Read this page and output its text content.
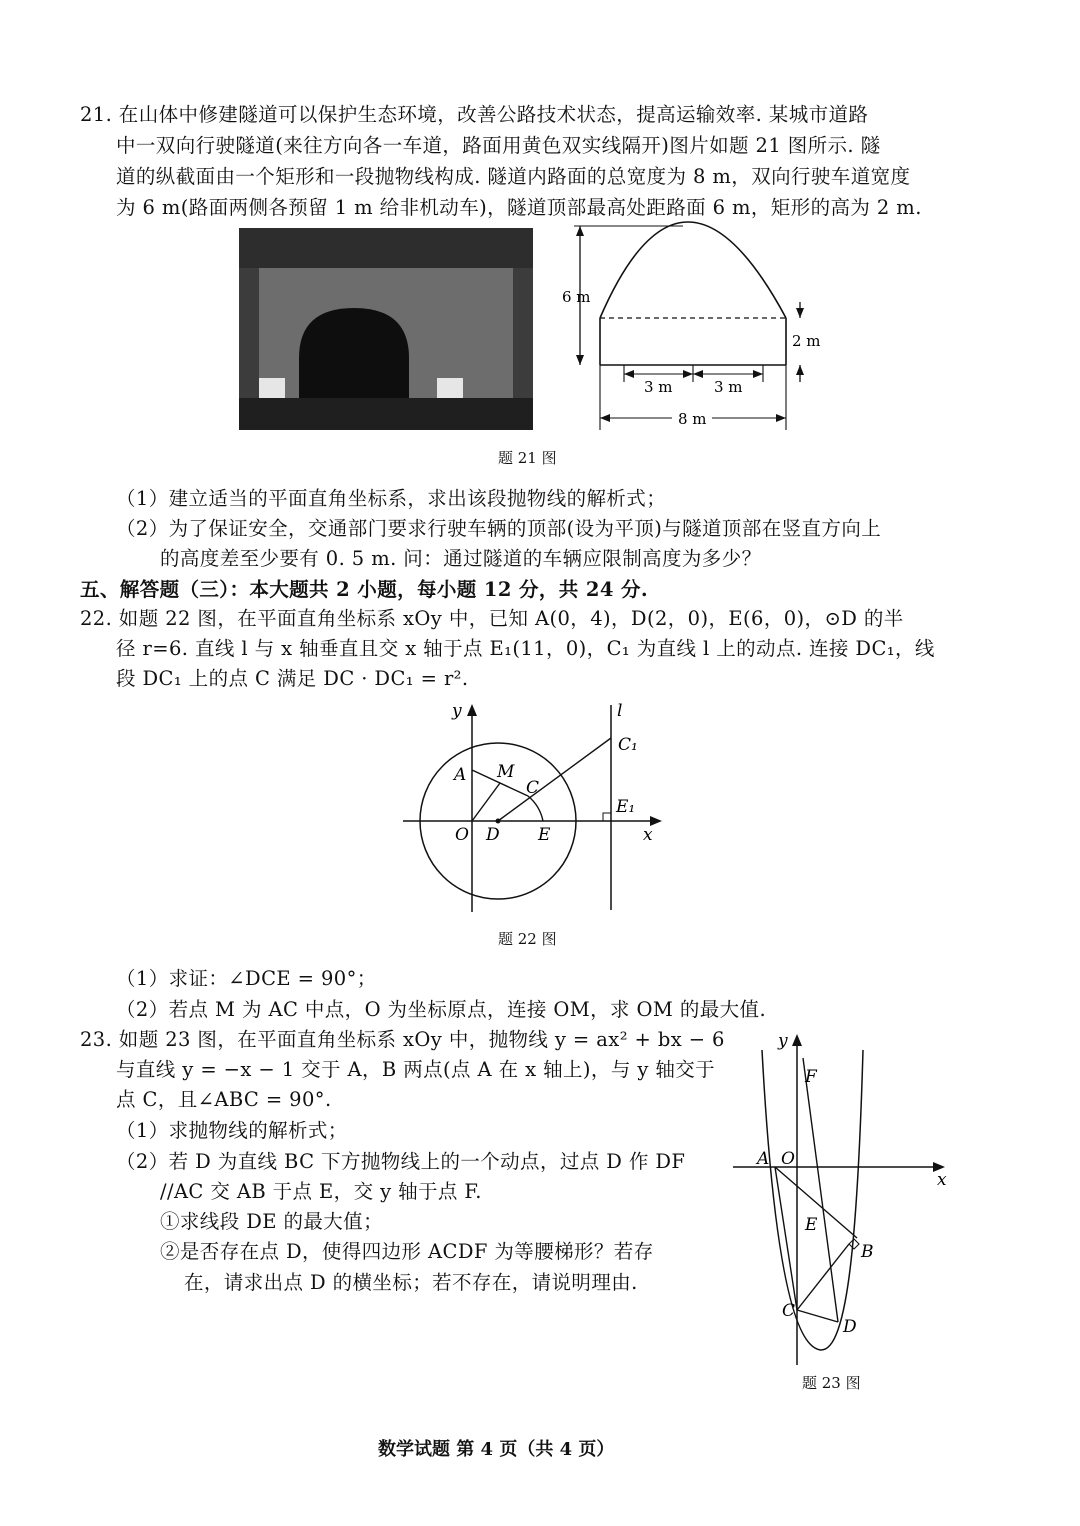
21. 在山体中修建隧道可以保护生态环境，改善公路技术状态，提高运输效率. 某城市道路
中一双向行驶隧道(来往方向各一车道，路面用黄色双实线隔开)图片如题 21 图所示. 隧
道的纵截面由一个矩形和一段抛物线构成. 隧道内路面的总宽度为 8 m，双向行驶车道宽度
为 6 m(路面两侧各预留 1 m 给非机动车)，隧道顶部最高处距路面 6 m，矩形的高为 2 m.
6 m
2 m
3 m	3 m
8 m
题 21 图
（1）建立适当的平面直角坐标系，求出该段抛物线的解析式；
（2）为了保证安全，交通部门要求行驶车辆的顶部(设为平顶)与隧道顶部在竖直方向上
的高度差至少要有 0. 5 m. 问：通过隧道的车辆应限制高度为多少？
五、解答题（三）：本大题共 2 小题，每小题 12 分，共 24 分.
22. 如题 22 图，在平面直角坐标系 xOy 中，已知 A(0，4)，D(2，0)，E(6，0)，⊙D 的半
径 r=6. 直线 l 与 x 轴垂直且交 x 轴于点 E₁(11，0)，C₁ 为直线 l 上的动点. 连接 DC₁，线
段 DC₁ 上的点 C 满足 DC · DC₁ = r².
y	l
C₁
A M
C
E₁
O D E	x
题 22 图
（1）求证：∠DCE = 90°；
（2）若点 M 为 AC 中点，O 为坐标原点，连接 OM，求 OM 的最大值.
23. 如题 23 图，在平面直角坐标系 xOy 中，抛物线 y = ax² + bx − 6
与直线 y = −x − 1 交于 A，B 两点(点 A 在 x 轴上)，与 y 轴交于
点 C，且∠ABC = 90°.
（1）求抛物线的解析式；
（2）若 D 为直线 BC 下方抛物线上的一个动点，过点 D 作 DF
//AC 交 AB 于点 E，交 y 轴于点 F.
①求线段 DE 的最大值；
②是否存在点 D，使得四边形 ACDF 为等腰梯形？若存
在，请求出点 D 的横坐标；若不存在，请说明理由.
y
F
A O
x
E
B
C
D
题 23 图
数学试题 第 4 页（共 4 页）
